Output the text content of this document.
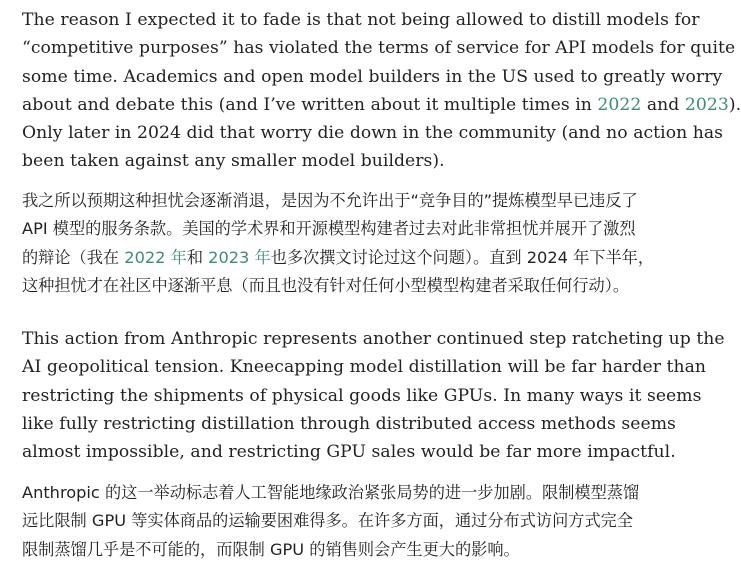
The reason I expected it to fade is that not being allowed to distill models for
“competitive purposes” has violated the terms of service for API models for quite
some time. Academics and open model builders in the US used to greatly worry
about and debate this (and I’ve written about it multiple times in 2022 and 2023).
Only later in 2024 did that worry die down in the community (and no action has
been taken against any smaller model builders).

我之所以预期这种担忧会逐渐消退，是因为不允许出于“竞争目的”提炼模型早已违反了
API 模型的服务条款。美国的学术界和开源模型构建者过去对此非常担忧并展开了激烈
的辩论（我在 2022 年和 2023 年也多次撰文讨论过这个问题）。直到 2024 年下半年，
这种担忧才在社区中逐渐平息（而且也没有针对任何小型模型构建者采取任何行动）。

This action from Anthropic represents another continued step ratcheting up the
AI geopolitical tension. Kneecapping model distillation will be far harder than
restricting the shipments of physical goods like GPUs. In many ways it seems
like fully restricting distillation through distributed access methods seems
almost impossible, and restricting GPU sales would be far more impactful.

Anthropic 的这一举动标志着人工智能地缘政治紧张局势的进一步加剧。限制模型蒸馏
远比限制 GPU 等实体商品的运输要困难得多。在许多方面，通过分布式访问方式完全
限制蒸馏几乎是不可能的，而限制 GPU 的销售则会产生更大的影响。
